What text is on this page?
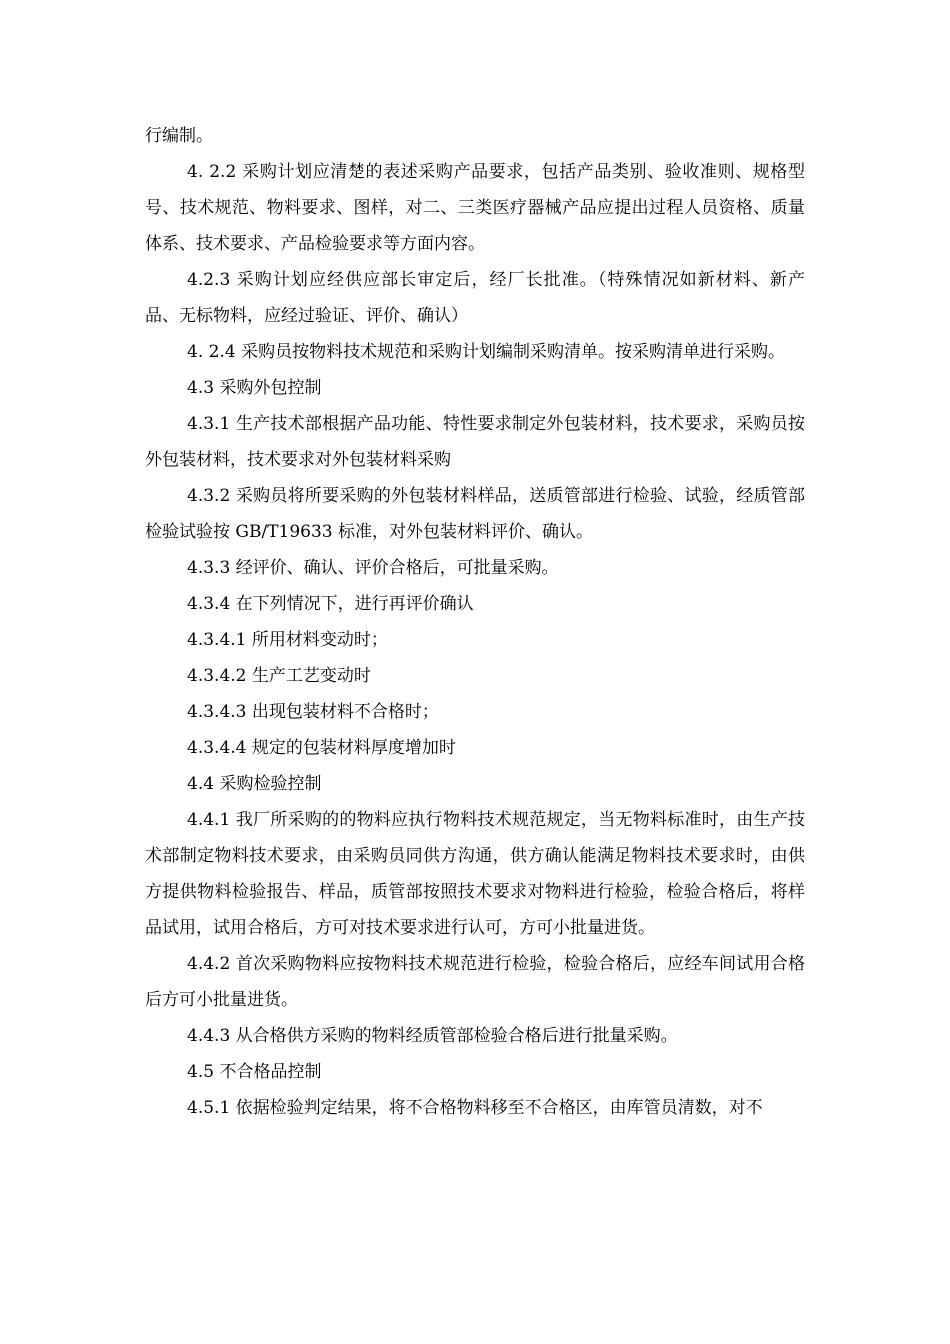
行编制。

4. 2.2 采购计划应清楚的表述采购产品要求，包括产品类别、验收准则、规格型号、技术规范、物料要求、图样，对二、三类医疗器械产品应提出过程人员资格、质量体系、技术要求、产品检验要求等方面内容。

4.2.3 采购计划应经供应部长审定后，经厂长批准。（特殊情况如新材料、新产品、无标物料，应经过验证、评价、确认）

4. 2.4 采购员按物料技术规范和采购计划编制采购清单。按采购清单进行采购。

4.3 采购外包控制

4.3.1 生产技术部根据产品功能、特性要求制定外包装材料，技术要求，采购员按外包装材料，技术要求对外包装材料采购

4.3.2 采购员将所要采购的外包装材料样品，送质管部进行检验、试验，经质管部检验试验按 GB/T19633 标准，对外包装材料评价、确认。

4.3.3 经评价、确认、评价合格后，可批量采购。

4.3.4 在下列情况下，进行再评价确认

4.3.4.1 所用材料变动时；

4.3.4.2 生产工艺变动时

4.3.4.3 出现包装材料不合格时；

4.3.4.4 规定的包装材料厚度增加时

4.4 采购检验控制

4.4.1 我厂所采购的的物料应执行物料技术规范规定，当无物料标准时，由生产技术部制定物料技术要求，由采购员同供方沟通，供方确认能满足物料技术要求时，由供方提供物料检验报告、样品，质管部按照技术要求对物料进行检验，检验合格后，将样品试用，试用合格后，方可对技术要求进行认可，方可小批量进货。

4.4.2 首次采购物料应按物料技术规范进行检验，检验合格后，应经车间试用合格后方可小批量进货。

4.4.3 从合格供方采购的物料经质管部检验合格后进行批量采购。

4.5 不合格品控制

4.5.1 依据检验判定结果，将不合格物料移至不合格区，由库管员清数，对不
